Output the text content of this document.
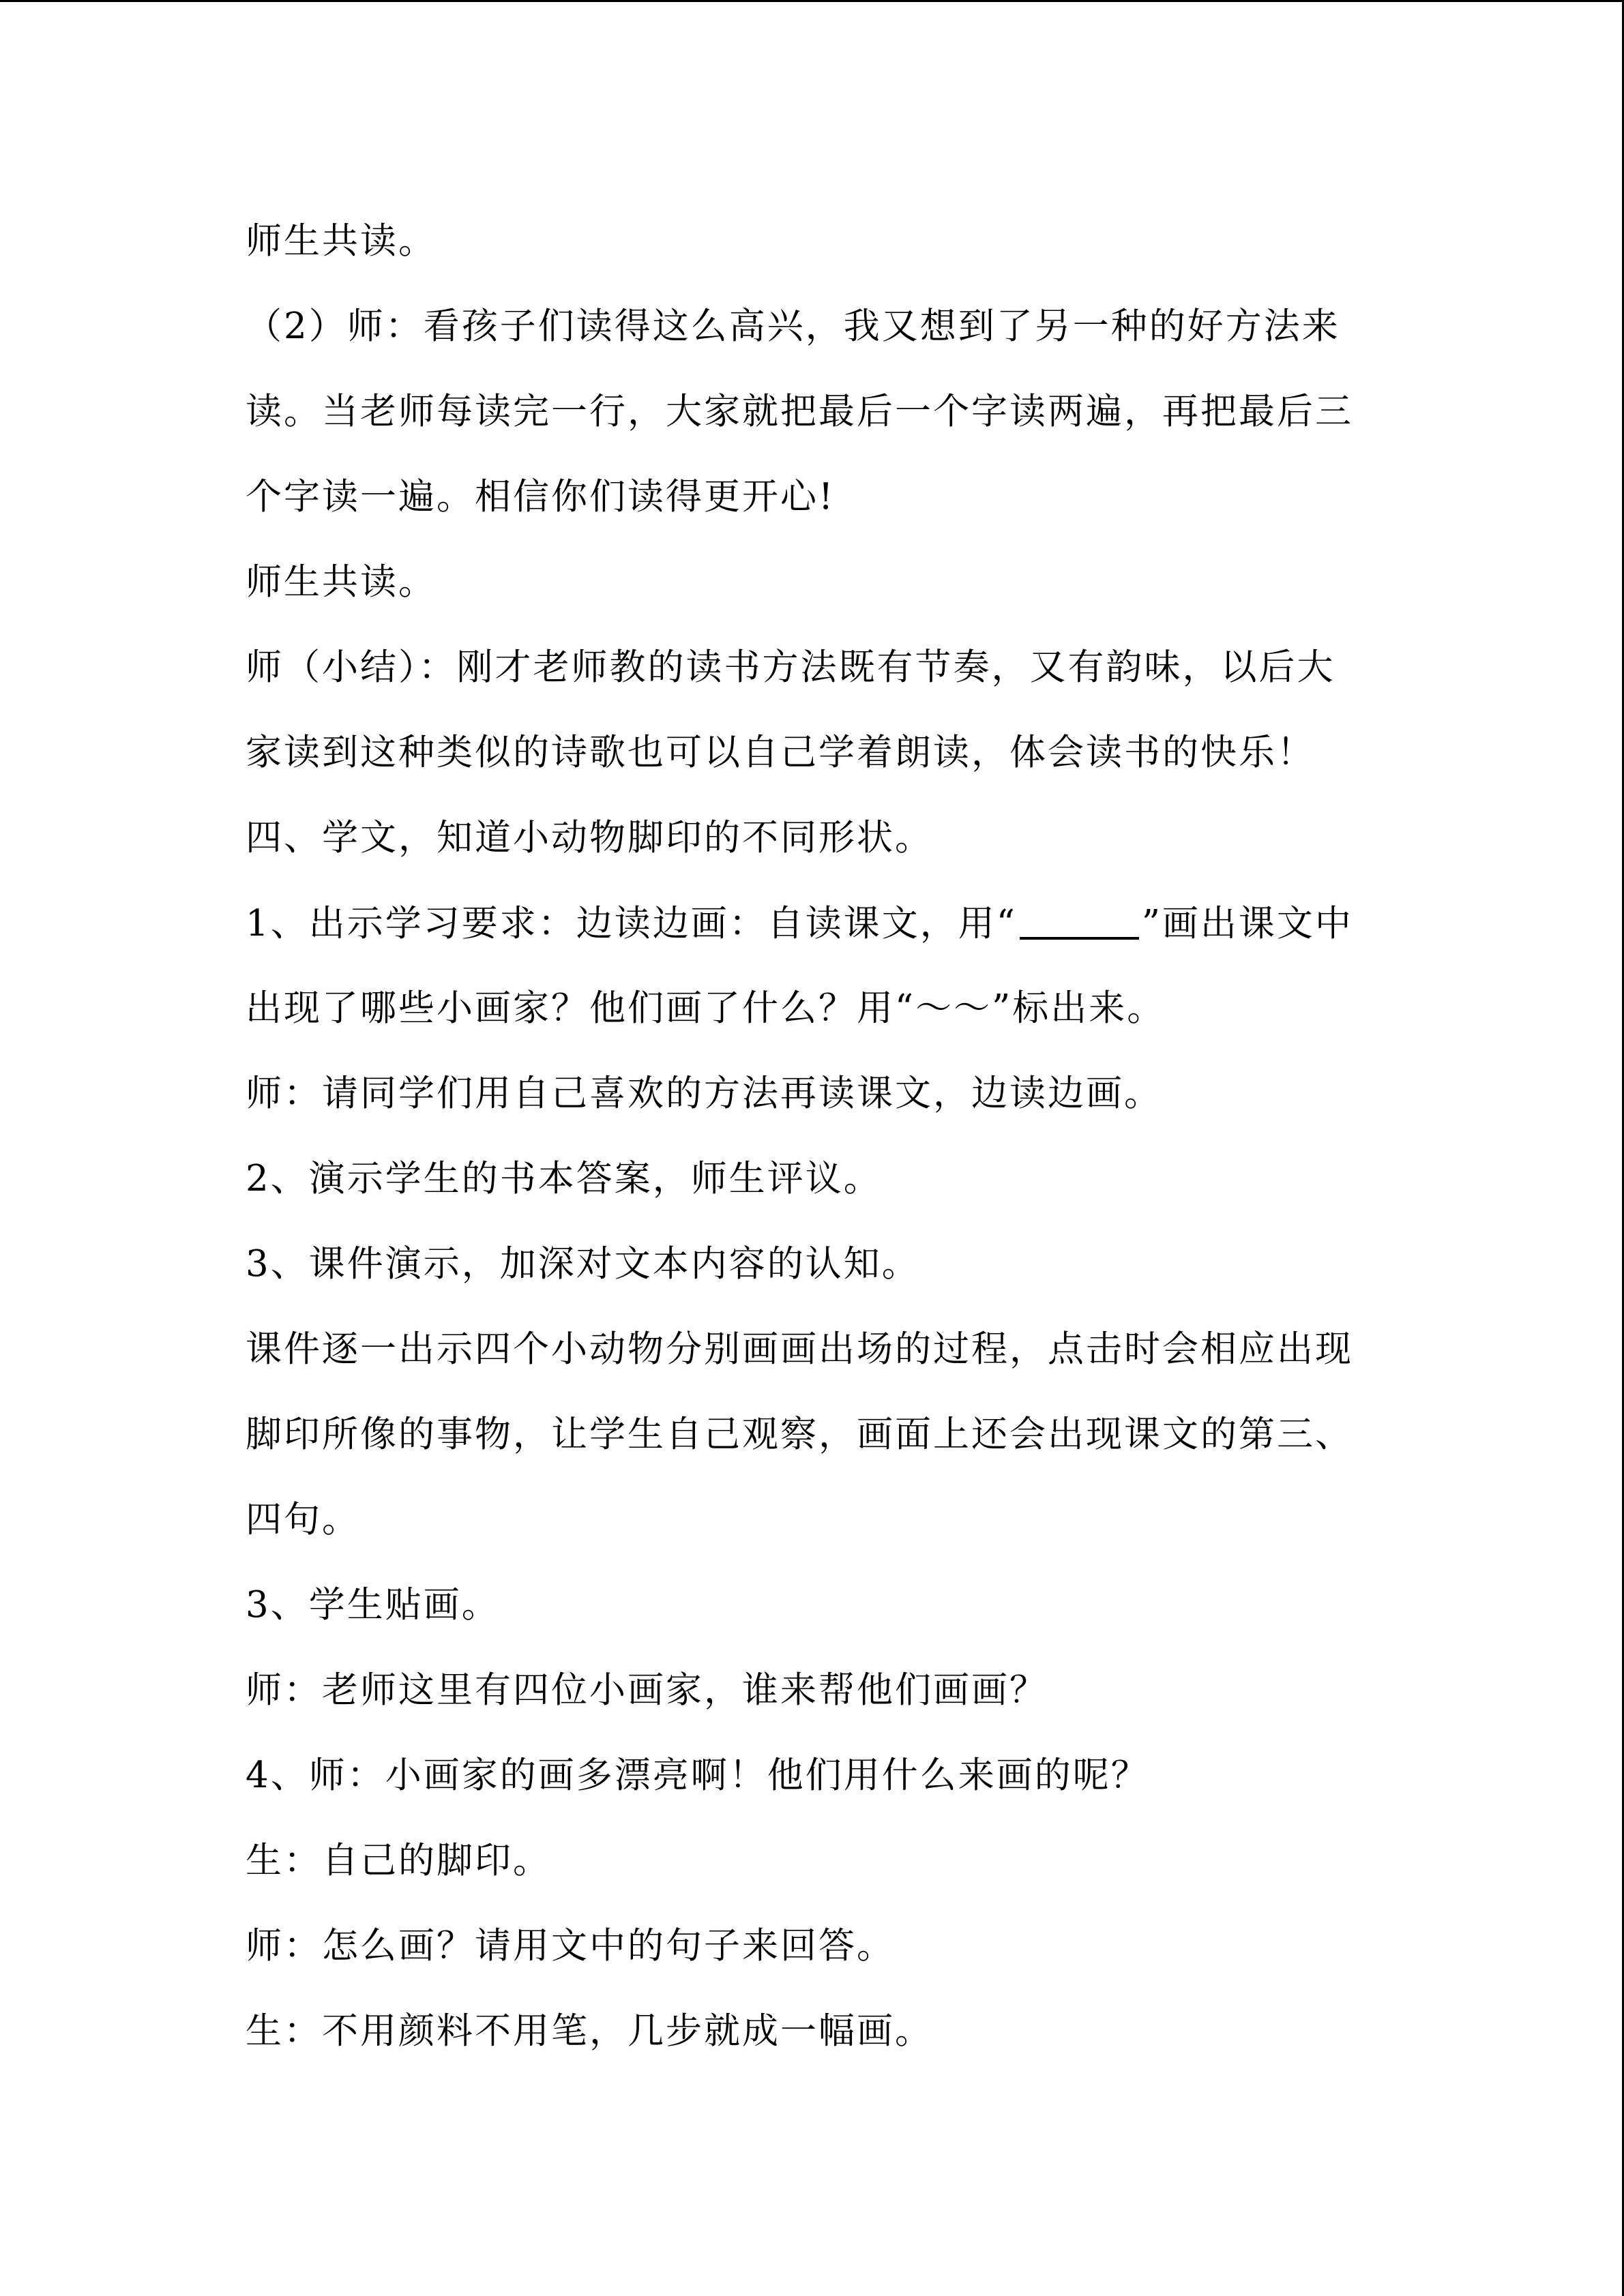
师生共读。
（2）师：看孩子们读得这么高兴，我又想到了另一种的好方法来
读。当老师每读完一行，大家就把最后一个字读两遍，再把最后三
个字读一遍。相信你们读得更开心!
师生共读。
师（小结）：刚才老师教的读书方法既有节奏，又有韵味，以后大
家读到这种类似的诗歌也可以自己学着朗读，体会读书的快乐！
四、学文，知道小动物脚印的不同形状。
1、出示学习要求：边读边画：自读课文，用“	”画出课文中
出现了哪些小画家？他们画了什么？用“～～”标出来。
师：请同学们用自己喜欢的方法再读课文，边读边画。
2、演示学生的书本答案，师生评议。
3、课件演示，加深对文本内容的认知。
课件逐一出示四个小动物分别画画出场的过程，点击时会相应出现
脚印所像的事物，让学生自己观察，画面上还会出现课文的第三、
四句。
3、学生贴画。
师：老师这里有四位小画家，谁来帮他们画画？
4、师：小画家的画多漂亮啊！他们用什么来画的呢？
生：自己的脚印。
师：怎么画？请用文中的句子来回答。
生：不用颜料不用笔，几步就成一幅画。
